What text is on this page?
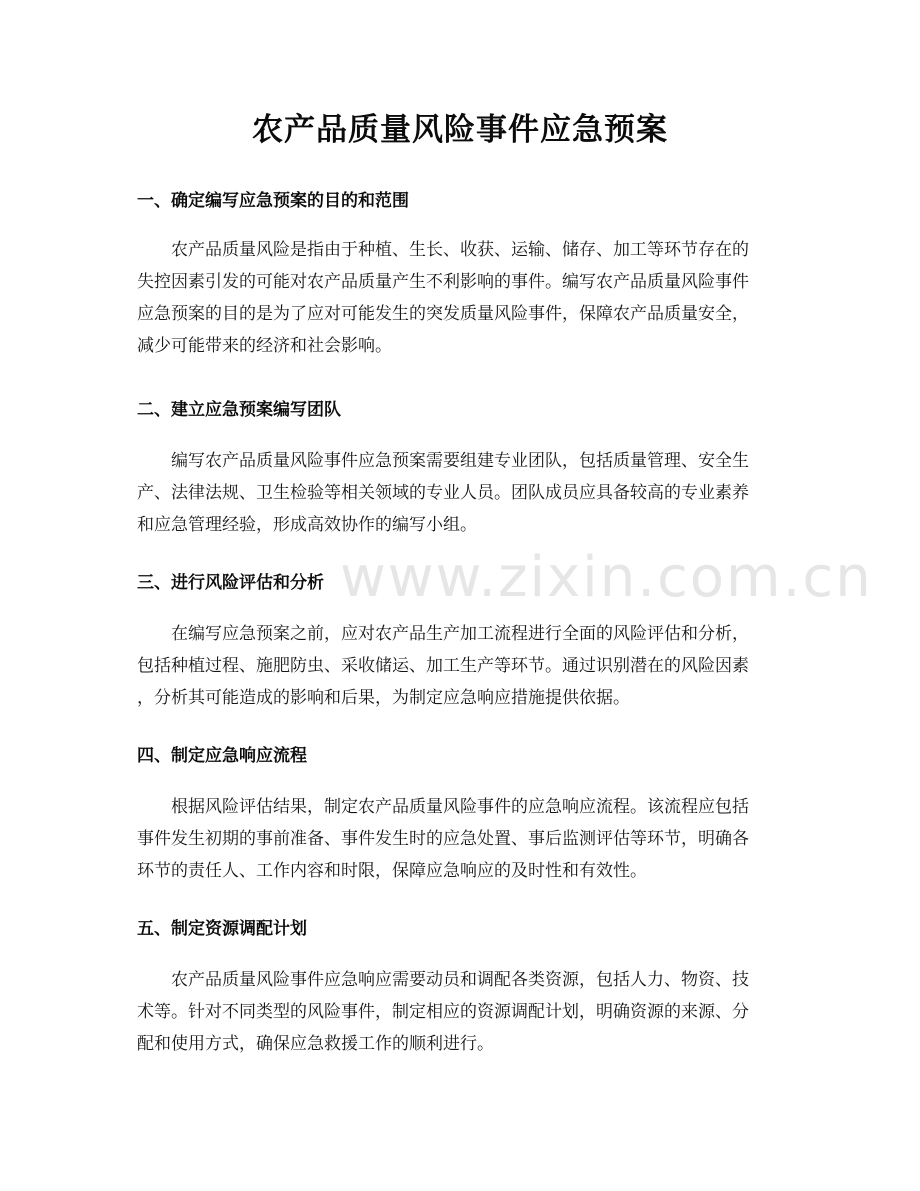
www.zixin.com.cn
农产品质量风险事件应急预案
一、确定编写应急预案的目的和范围
农产品质量风险是指由于种植、生长、收获、运输、储存、加工等环节存在的
失控因素引发的可能对农产品质量产生不利影响的事件。编写农产品质量风险事件
应急预案的目的是为了应对可能发生的突发质量风险事件，保障农产品质量安全，
减少可能带来的经济和社会影响。
二、建立应急预案编写团队
编写农产品质量风险事件应急预案需要组建专业团队，包括质量管理、安全生
产、法律法规、卫生检验等相关领域的专业人员。团队成员应具备较高的专业素养
和应急管理经验，形成高效协作的编写小组。
三、进行风险评估和分析
在编写应急预案之前，应对农产品生产加工流程进行全面的风险评估和分析，
包括种植过程、施肥防虫、采收储运、加工生产等环节。通过识别潜在的风险因素
，分析其可能造成的影响和后果，为制定应急响应措施提供依据。
四、制定应急响应流程
根据风险评估结果，制定农产品质量风险事件的应急响应流程。该流程应包括
事件发生初期的事前准备、事件发生时的应急处置、事后监测评估等环节，明确各
环节的责任人、工作内容和时限，保障应急响应的及时性和有效性。
五、制定资源调配计划
农产品质量风险事件应急响应需要动员和调配各类资源，包括人力、物资、技
术等。针对不同类型的风险事件，制定相应的资源调配计划，明确资源的来源、分
配和使用方式，确保应急救援工作的顺利进行。
